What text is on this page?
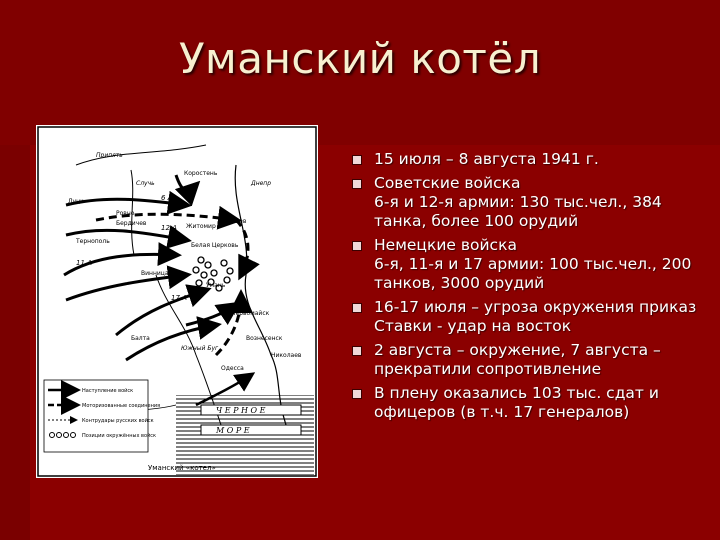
Уманский котёл
Ч Е Р Н О Е
М О Р Е
6 А
12 А
11 А
17 А
Луцк
Ровно
Коростень
Житомир
Киев
Бердичев
Тернополь
Белая Церковь
Винница
Умань
Первомайск
Вознесенск
Николаев
Балта
Одесса
Припять
Случь	Днепр
Южный Буг
Наступление войск
Моторизованные соединения
Контрудары русских войск
Позиции окружённых войск
Уманский «котел»
15 июля – 8 августа 1941 г.
Советские войска
6-я и 12-я армии: 130 тыс.чел., 384 танка, более 100 орудий
Немецкие войска
6-я, 11-я и 17 армии: 100 тыс.чел., 200 танков, 3000 орудий
16-17 июля – угроза окружения приказ Ставки - удар на восток
2 августа – окружение, 7 августа – прекратили сопротивление
В плену оказались 103 тыс. сдат и офицеров (в т.ч. 17 генералов)
